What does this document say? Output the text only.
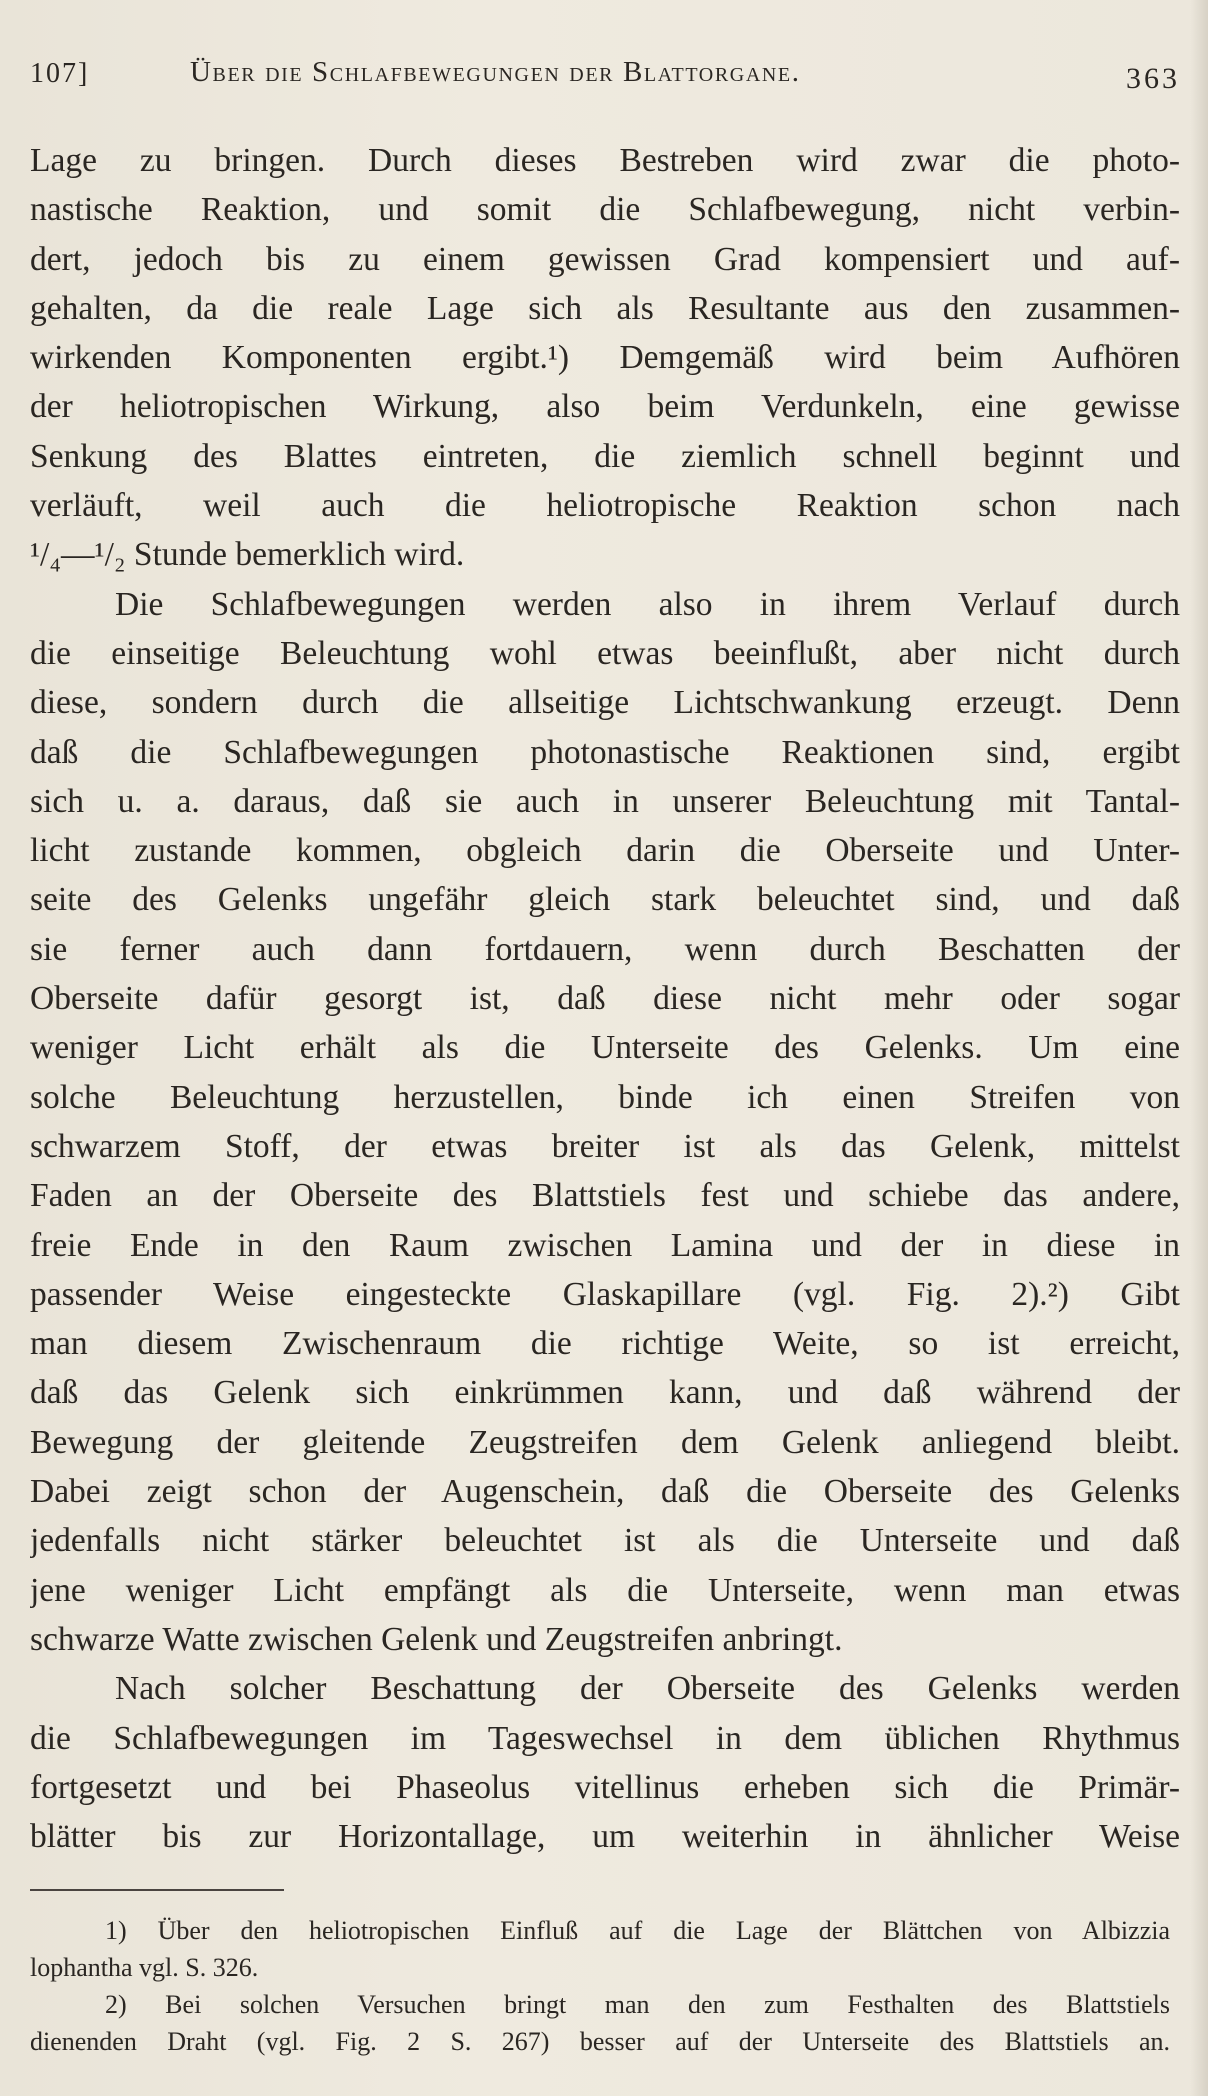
107]	Über die Schlafbewegungen der Blattorgane.	363
Lage zu bringen. Durch dieses Bestreben wird zwar die photo-
nastische Reaktion, und somit die Schlafbewegung, nicht verbin-
dert, jedoch bis zu einem gewissen Grad kompensiert und auf-
gehalten, da die reale Lage sich als Resultante aus den zusammen-
wirkenden Komponenten ergibt.¹) Demgemäß wird beim Aufhören
der heliotropischen Wirkung, also beim Verdunkeln, eine gewisse
Senkung des Blattes eintreten, die ziemlich schnell beginnt und
verläuft, weil auch die heliotropische Reaktion schon nach
¹/₄—¹/₂ Stunde bemerklich wird.
Die Schlafbewegungen werden also in ihrem Verlauf durch
die einseitige Beleuchtung wohl etwas beeinflußt, aber nicht durch
diese, sondern durch die allseitige Lichtschwankung erzeugt. Denn
daß die Schlafbewegungen photonastische Reaktionen sind, ergibt
sich u. a. daraus, daß sie auch in unserer Beleuchtung mit Tantal-
licht zustande kommen, obgleich darin die Oberseite und Unter-
seite des Gelenks ungefähr gleich stark beleuchtet sind, und daß
sie ferner auch dann fortdauern, wenn durch Beschatten der
Oberseite dafür gesorgt ist, daß diese nicht mehr oder sogar
weniger Licht erhält als die Unterseite des Gelenks. Um eine
solche Beleuchtung herzustellen, binde ich einen Streifen von
schwarzem Stoff, der etwas breiter ist als das Gelenk, mittelst
Faden an der Oberseite des Blattstiels fest und schiebe das andere,
freie Ende in den Raum zwischen Lamina und der in diese in
passender Weise eingesteckte Glaskapillare (vgl. Fig. 2).²) Gibt
man diesem Zwischenraum die richtige Weite, so ist erreicht,
daß das Gelenk sich einkrümmen kann, und daß während der
Bewegung der gleitende Zeugstreifen dem Gelenk anliegend bleibt.
Dabei zeigt schon der Augenschein, daß die Oberseite des Gelenks
jedenfalls nicht stärker beleuchtet ist als die Unterseite und daß
jene weniger Licht empfängt als die Unterseite, wenn man etwas
schwarze Watte zwischen Gelenk und Zeugstreifen anbringt.
Nach solcher Beschattung der Oberseite des Gelenks werden
die Schlafbewegungen im Tageswechsel in dem üblichen Rhythmus
fortgesetzt und bei Phaseolus vitellinus erheben sich die Primär-
blätter bis zur Horizontallage, um weiterhin in ähnlicher Weise
1) Über den heliotropischen Einfluß auf die Lage der Blättchen von Albizzia
lophantha vgl. S. 326.
2) Bei solchen Versuchen bringt man den zum Festhalten des Blattstiels
dienenden Draht (vgl. Fig. 2 S. 267) besser auf der Unterseite des Blattstiels an.
